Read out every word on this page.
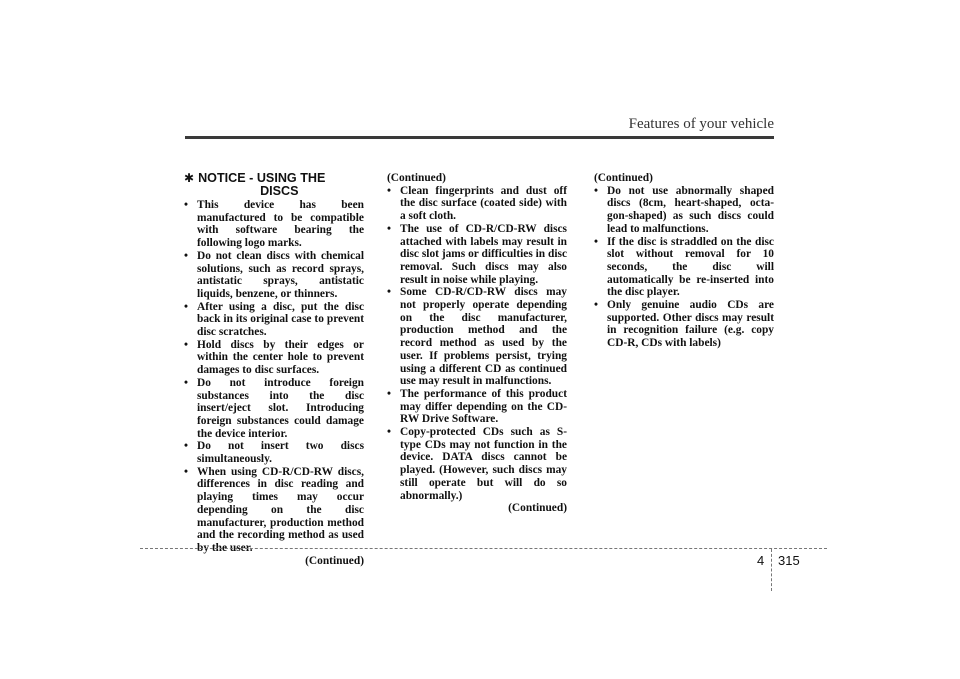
Features of your vehicle
✱ NOTICE - USING THE
DISCS
• This device has been manufactured to be compatible with software bearing the following logo marks.
• Do not clean discs with chemical solutions, such as record sprays, antistatic sprays, antistatic liquids, benzene, or thinners.
• After using a disc, put the disc back in its original case to prevent disc scratches.
• Hold discs by their edges or within the center hole to prevent damages to disc surfaces.
• Do not introduce foreign substances into the disc insert/eject slot. Introducing foreign substances could damage the device interior.
• Do not insert two discs simultaneously.
• When using CD-R/CD-RW discs, differences in disc reading and playing times may occur depending on the disc manufacturer, production method and the recording method as used by the user.
(Continued)
(Continued)
• Clean fingerprints and dust off the disc surface (coated side) with a soft cloth.
• The use of CD-R/CD-RW discs attached with labels may result in disc slot jams or difficulties in disc removal. Such discs may also result in noise while playing.
• Some CD-R/CD-RW discs may not properly operate depending on the disc manufacturer, production method and the record method as used by the user. If problems persist, trying using a different CD as continued use may result in malfunctions.
• The performance of this product may differ depending on the CD-RW Drive Software.
• Copy-protected CDs such as S-type CDs may not function in the device. DATA discs cannot be played. (However, such discs may still operate but will do so abnormally.)
(Continued)
(Continued)
• Do not use abnormally shaped discs (8cm, heart-shaped, octa-gon-shaped) as such discs could lead to malfunctions.
• If the disc is straddled on the disc slot without removal for 10 seconds, the disc will automatically be re-inserted into the disc player.
• Only genuine audio CDs are supported. Other discs may result in recognition failure (e.g. copy CD-R, CDs with labels)
4 315
